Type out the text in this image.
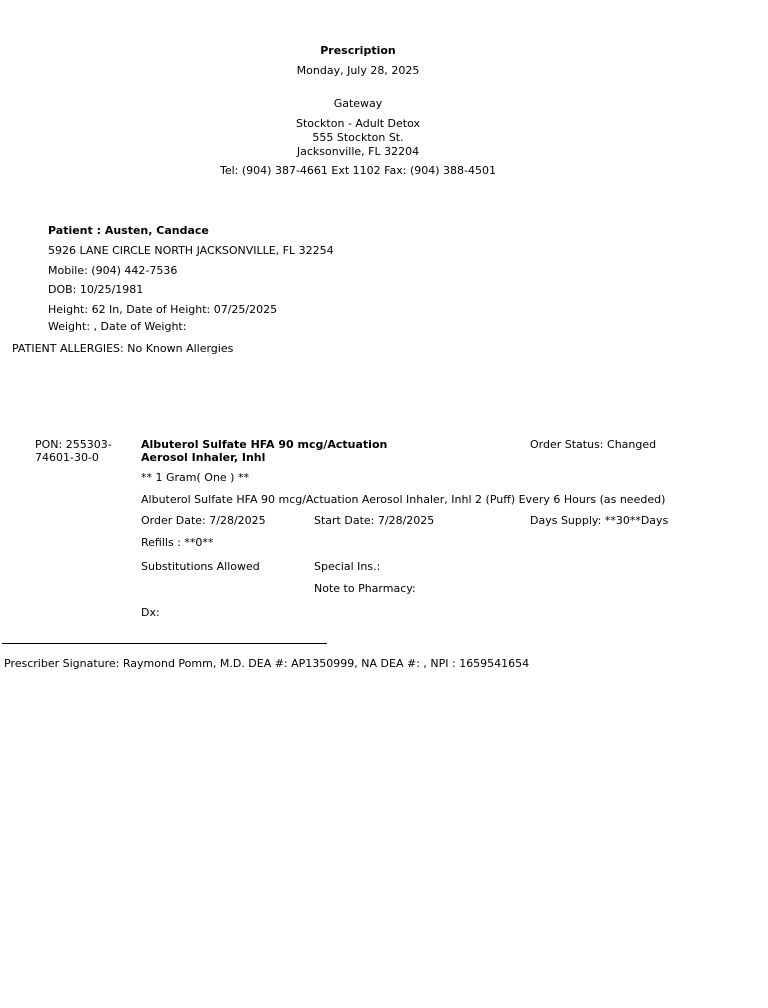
Prescription
Monday, July 28, 2025
Gateway
Stockton - Adult Detox
555 Stockton St.
Jacksonville, FL 32204
Tel: (904) 387-4661 Ext 1102 Fax: (904) 388-4501
Patient : Austen, Candace
5926 LANE CIRCLE NORTH JACKSONVILLE, FL 32254
Mobile: (904) 442-7536
DOB: 10/25/1981
Height: 62 In, Date of Height: 07/25/2025
Weight: , Date of Weight:
PATIENT ALLERGIES: No Known Allergies
PON: 255303-
74601-30-0
Albuterol Sulfate HFA 90 mcg/Actuation
Aerosol Inhaler, Inhl
Order Status: Changed
** 1 Gram( One ) **
Albuterol Sulfate HFA 90 mcg/Actuation Aerosol Inhaler, Inhl 2 (Puff) Every 6 Hours (as needed)
Order Date: 7/28/2025	Start Date: 7/28/2025	Days Supply: **30**Days
Refills : **0**
Substitutions Allowed	Special Ins.:
Note to Pharmacy:
Dx:
Prescriber Signature: Raymond Pomm, M.D. DEA #: AP1350999, NA DEA #: , NPI : 1659541654
